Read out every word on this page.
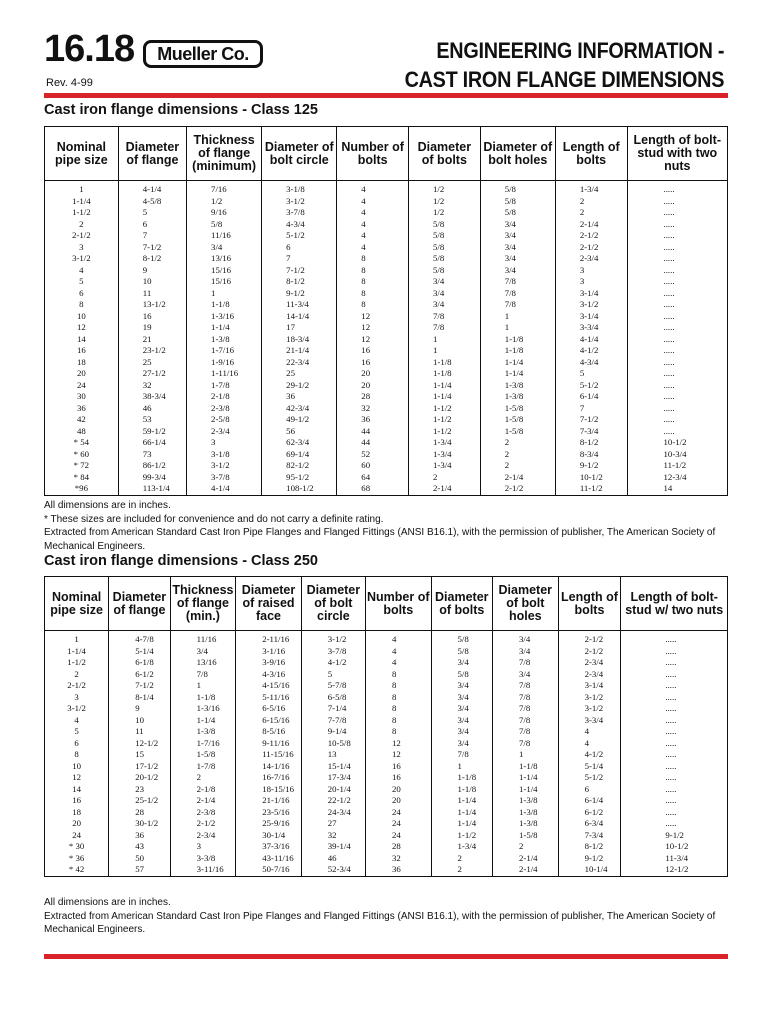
16.18	Mueller Co.
Rev. 4-99
ENGINEERING INFORMATION -
CAST IRON FLANGE DIMENSIONS
Cast iron flange dimensions - Class 125
Nominal pipe size	Diameter of flange	Thickness of flange (minimum)	Diameter of bolt circle	Number of bolts	Diameter of bolts	Diameter of bolt holes	Length of bolts	Length of bolt-stud with two nuts
1	4-1/4	7/16	3-1/8	4	1/2	5/8	1-3/4	.....
1-1/4	4-5/8	1/2	3-1/2	4	1/2	5/8	2	.....
1-1/2	5	9/16	3-7/8	4	1/2	5/8	2	.....
2	6	5/8	4-3/4	4	5/8	3/4	2-1/4	.....
2-1/2	7	11/16	5-1/2	4	5/8	3/4	2-1/2	.....
3	7-1/2	3/4	6	4	5/8	3/4	2-1/2	.....
3-1/2	8-1/2	13/16	7	8	5/8	3/4	2-3/4	.....
4	9	15/16	7-1/2	8	5/8	3/4	3	.....
5	10	15/16	8-1/2	8	3/4	7/8	3	.....
6	11	1	9-1/2	8	3/4	7/8	3-1/4	.....
8	13-1/2	1-1/8	11-3/4	8	3/4	7/8	3-1/2	.....
10	16	1-3/16	14-1/4	12	7/8	1	3-1/4	.....
12	19	1-1/4	17	12	7/8	1	3-3/4	.....
14	21	1-3/8	18-3/4	12	1	1-1/8	4-1/4	.....
16	23-1/2	1-7/16	21-1/4	16	1	1-1/8	4-1/2	.....
18	25	1-9/16	22-3/4	16	1-1/8	1-1/4	4-3/4	.....
20	27-1/2	1-11/16	25	20	1-1/8	1-1/4	5	.....
24	32	1-7/8	29-1/2	20	1-1/4	1-3/8	5-1/2	.....
30	38-3/4	2-1/8	36	28	1-1/4	1-3/8	6-1/4	.....
36	46	2-3/8	42-3/4	32	1-1/2	1-5/8	7	.....
42	53	2-5/8	49-1/2	36	1-1/2	1-5/8	7-1/2	.....
48	59-1/2	2-3/4	56	44	1-1/2	1-5/8	7-3/4	.....
* 54	66-1/4	3	62-3/4	44	1-3/4	2	8-1/2	10-1/2
* 60	73	3-1/8	69-1/4	52	1-3/4	2	8-3/4	10-3/4
* 72	86-1/2	3-1/2	82-1/2	60	1-3/4	2	9-1/2	11-1/2
* 84	99-3/4	3-7/8	95-1/2	64	2	2-1/4	10-1/2	12-3/4
*96	113-1/4	4-1/4	108-1/2	68	2-1/4	2-1/2	11-1/2	14
All dimensions are in inches.
* These sizes are included for convenience and do not carry a definite rating.
Extracted from American Standard Cast Iron Pipe Flanges and Flanged Fittings (ANSI B16.1), with the permission of publisher, The American Society of Mechanical Engineers.
Cast iron flange dimensions - Class 250
Nominal pipe size	Diameter of flange	Thickness of flange (min.)	Diameter of raised face	Diameter of bolt circle	Number of bolts	Diameter of bolts	Diameter of bolt holes	Length of bolts	Length of bolt-stud w/ two nuts
1	4-7/8	11/16	2-11/16	3-1/2	4	5/8	3/4	2-1/2	.....
1-1/4	5-1/4	3/4	3-1/16	3-7/8	4	5/8	3/4	2-1/2	.....
1-1/2	6-1/8	13/16	3-9/16	4-1/2	4	3/4	7/8	2-3/4	.....
2	6-1/2	7/8	4-3/16	5	8	5/8	3/4	2-3/4	.....
2-1/2	7-1/2	1	4-15/16	5-7/8	8	3/4	7/8	3-1/4	.....
3	8-1/4	1-1/8	5-11/16	6-5/8	8	3/4	7/8	3-1/2	.....
3-1/2	9	1-3/16	6-5/16	7-1/4	8	3/4	7/8	3-1/2	.....
4	10	1-1/4	6-15/16	7-7/8	8	3/4	7/8	3-3/4	.....
5	11	1-3/8	8-5/16	9-1/4	8	3/4	7/8	4	.....
6	12-1/2	1-7/16	9-11/16	10-5/8	12	3/4	7/8	4	.....
8	15	1-5/8	11-15/16	13	12	7/8	1	4-1/2	.....
10	17-1/2	1-7/8	14-1/16	15-1/4	16	1	1-1/8	5-1/4	.....
12	20-1/2	2	16-7/16	17-3/4	16	1-1/8	1-1/4	5-1/2	.....
14	23	2-1/8	18-15/16	20-1/4	20	1-1/8	1-1/4	6	.....
16	25-1/2	2-1/4	21-1/16	22-1/2	20	1-1/4	1-3/8	6-1/4	.....
18	28	2-3/8	23-5/16	24-3/4	24	1-1/4	1-3/8	6-1/2	.....
20	30-1/2	2-1/2	25-9/16	27	24	1-1/4	1-3/8	6-3/4	.....
24	36	2-3/4	30-1/4	32	24	1-1/2	1-5/8	7-3/4	9-1/2
* 30	43	3	37-3/16	39-1/4	28	1-3/4	2	8-1/2	10-1/2
* 36	50	3-3/8	43-11/16	46	32	2	2-1/4	9-1/2	11-3/4
* 42	57	3-11/16	50-7/16	52-3/4	36	2	2-1/4	10-1/4	12-1/2
All dimensions are in inches.
Extracted from American Standard Cast Iron Pipe Flanges and Flanged Fittings (ANSI B16.1), with the permission of publisher, The American Society of Mechanical Engineers.
